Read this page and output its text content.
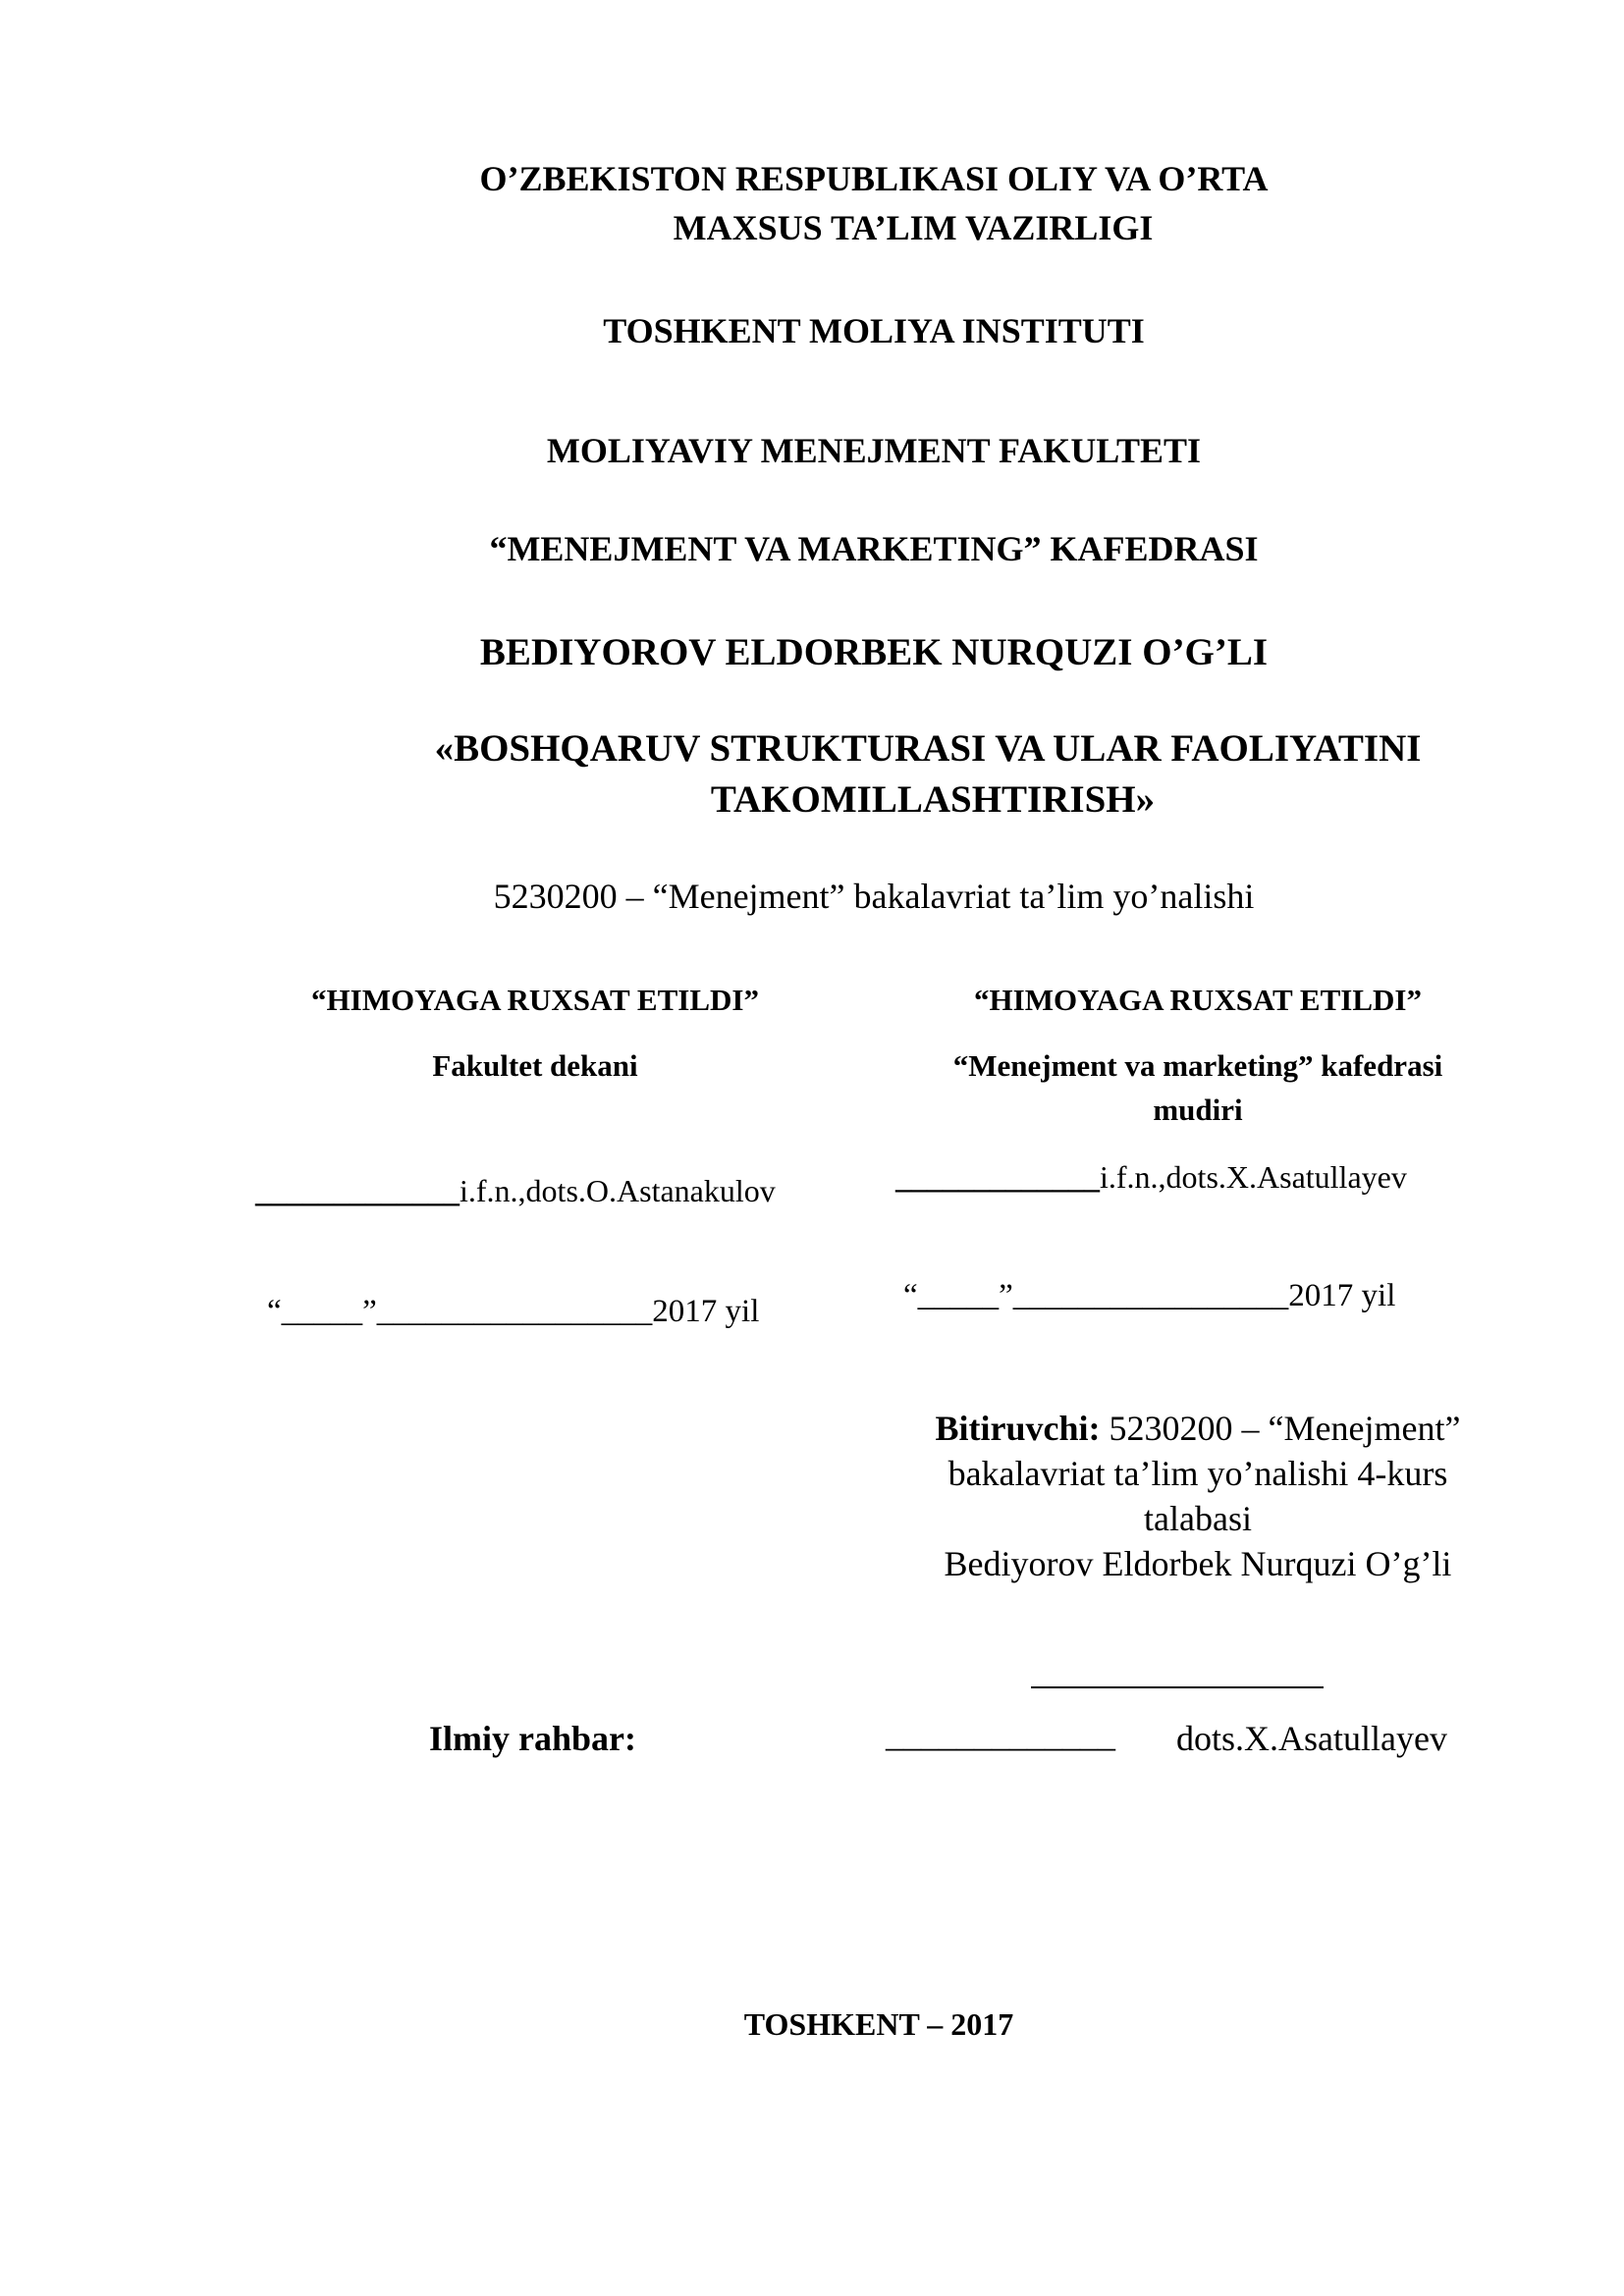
O’ZBEKISTON RESPUBLIKASI OLIY VA O’RTA
MAXSUS TA’LIM VAZIRLIGI
TOSHKENT MOLIYA INSTITUTI
MOLIYAVIY MENEJMENT FAKULTETI
“MENEJMENT VA MARKETING” KAFEDRASI
BEDIYOROV ELDORBEK NURQUZI O’G’LI
«BOSHQARUV STRUKTURASI VA ULAR FAOLIYATINI
TAKOMILLASHTIRISH»
5230200 – “Menejment” bakalavriat ta’lim yo’nalishi
“HIMOYAGA RUXSAT ETILDI”
Fakultet dekani
_____________i.f.n.,dots.O.Astanakulov
“_____”_________________2017 yil
“HIMOYAGA RUXSAT ETILDI”
“Menejment va marketing” kafedrasi
mudiri
_____________i.f.n.,dots.X.Asatullayev
“_____”_________________2017 yil
Bitiruvchi: 5230200 – “Menejment”
bakalavriat ta’lim yo’nalishi 4-kurs
talabasi
Bediyorov Eldorbek Nurquzi O’g’li
Ilmiy rahbar:	_____________ dots.X.Asatullayev
TOSHKENT – 2017
